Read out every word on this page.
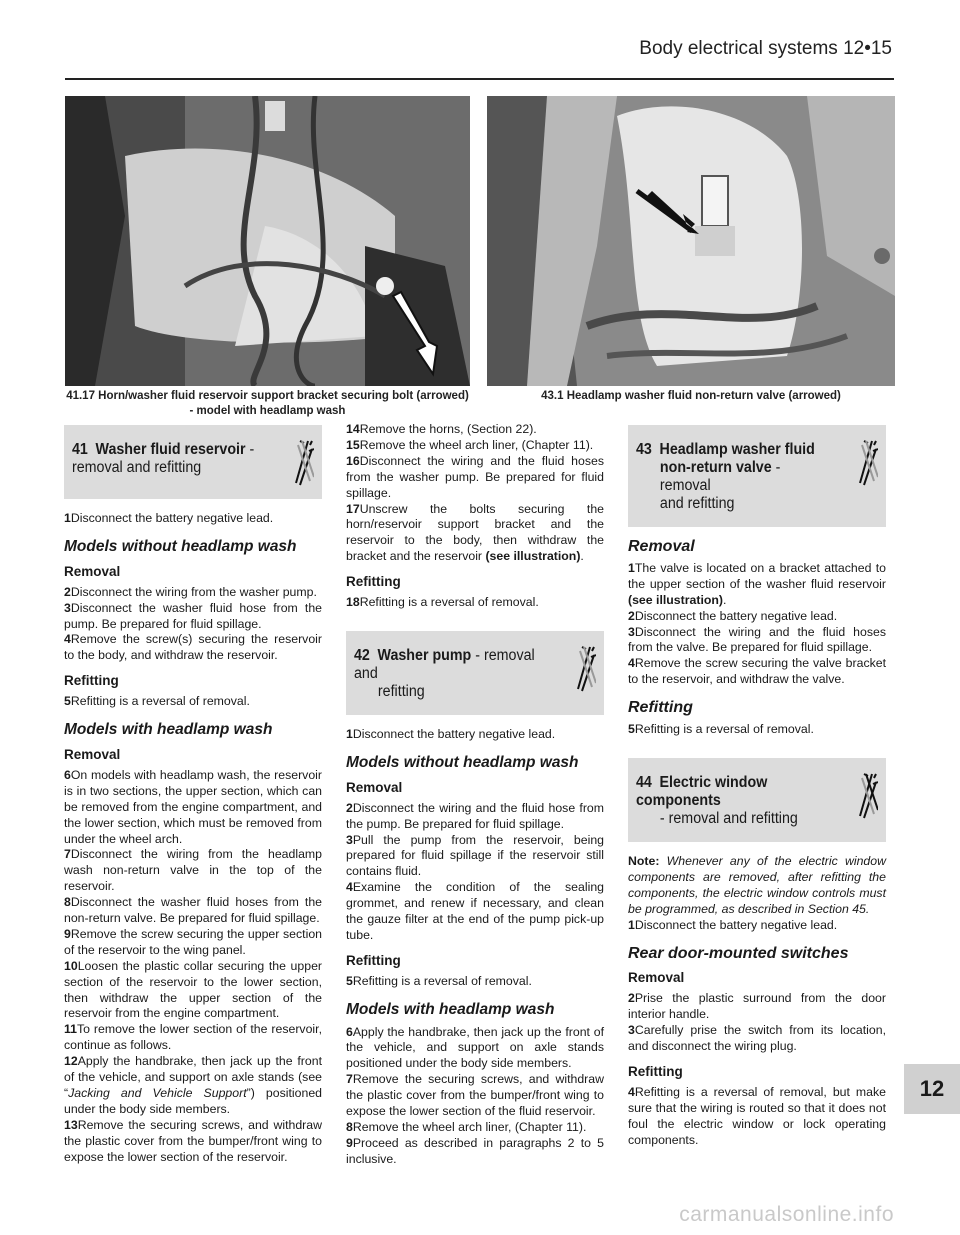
Body electrical systems 12•15
41.17 Horn/washer fluid reservoir support bracket securing bolt (arrowed) - model with headlamp wash
43.1 Headlamp washer fluid non-return valve (arrowed)
41 Washer fluid reservoir - removal and refitting

1Disconnect the battery negative lead.

Models without headlamp wash
Removal

2Disconnect the wiring from the washer pump.

3Disconnect the washer fluid hose from the pump. Be prepared for fluid spillage.

4Remove the screw(s) securing the reservoir to the body, and withdraw the reservoir.

Refitting

5Refitting is a reversal of removal.

Models with headlamp wash
Removal

6On models with headlamp wash, the reservoir is in two sections, the upper section, which can be removed from the engine compartment, and the lower section, which must be removed from under the wheel arch.

7Disconnect the wiring from the headlamp wash non-return valve in the top of the reservoir.

8Disconnect the washer fluid hoses from the non-return valve. Be prepared for fluid spillage.

9Remove the screw securing the upper section of the reservoir to the wing panel.

10Loosen the plastic collar securing the upper section of the reservoir to the lower section, then withdraw the upper section of the reservoir from the engine compartment.

11To remove the lower section of the reservoir, continue as follows.

12Apply the handbrake, then jack up the front of the vehicle, and support on axle stands (see “Jacking and Vehicle Support”) positioned under the body side members.

13Remove the securing screws, and withdraw the plastic cover from the bumper/front wing to expose the lower section of the reservoir.

14Remove the horns, (Section 22).

15Remove the wheel arch liner, (Chapter 11).

16Disconnect the wiring and the fluid hoses from the washer pump. Be prepared for fluid spillage.

17Unscrew the bolts securing the horn/reservoir support bracket and the reservoir to the body, then withdraw the bracket and the reservoir (see illustration).

Refitting

18Refitting is a reversal of removal.

42 Washer pump - removal and
refitting

1Disconnect the battery negative lead.

Models without headlamp wash
Removal

2Disconnect the wiring and the fluid hose from the pump. Be prepared for fluid spillage.

3Pull the pump from the reservoir, being prepared for fluid spillage if the reservoir still contains fluid.

4Examine the condition of the sealing grommet, and renew if necessary, and clean the gauze filter at the end of the pump pick-up tube.

Refitting

5Refitting is a reversal of removal.

Models with headlamp wash

6Apply the handbrake, then jack up the front of the vehicle, and support on axle stands positioned under the body side members.

7Remove the securing screws, and withdraw the plastic cover from the bumper/front wing to expose the lower section of the fluid reservoir.

8Remove the wheel arch liner, (Chapter 11).

9Proceed as described in paragraphs 2 to 5 inclusive.

43 Headlamp washer fluid
non-return valve - removal
and refitting
Removal

1The valve is located on a bracket attached to the upper section of the washer fluid reservoir (see illustration).

2Disconnect the battery negative lead.

3Disconnect the wiring and the fluid hoses from the valve. Be prepared for fluid spillage.

4Remove the screw securing the valve bracket to the reservoir, and withdraw the valve.

Refitting

5Refitting is a reversal of removal.

44 Electric window components
- removal and refitting

Note: Whenever any of the electric window components are removed, after refitting the components, the electric window controls must be programmed, as described in Section 45.

1Disconnect the battery negative lead.

Rear door-mounted switches
Removal

2Prise the plastic surround from the door interior handle.

3Carefully prise the switch from its location, and disconnect the wiring plug.

Refitting

4Refitting is a reversal of removal, but make sure that the wiring is routed so that it does not foul the electric window or lock operating components.

12
carmanualsonline.info
